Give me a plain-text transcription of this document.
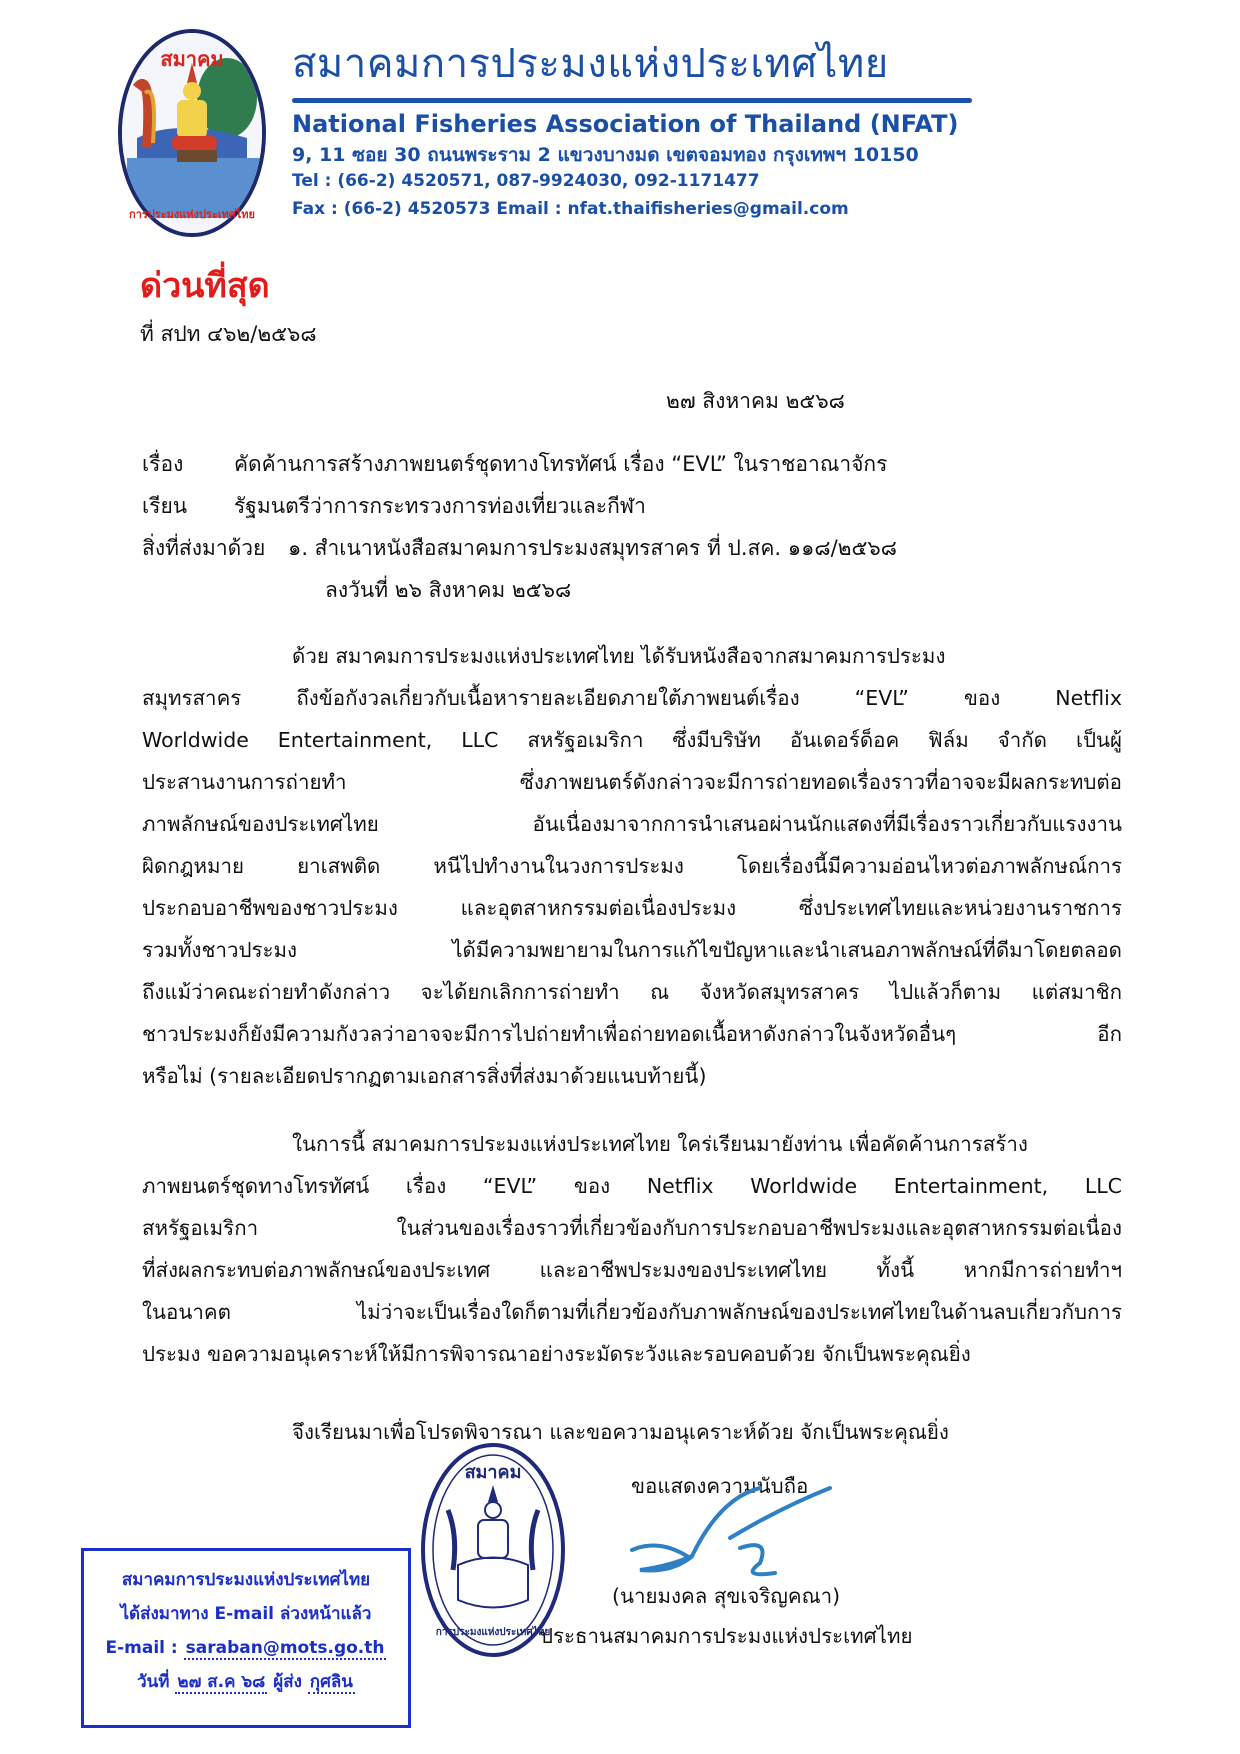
สมาคม
การประมงแห่งประเทศไทย
สมาคมการประมงแห่งประเทศไทย
National Fisheries Association of Thailand (NFAT)
9, 11 ซอย 30 ถนนพระราม 2 แขวงบางมด เขตจอมทอง กรุงเทพฯ 10150
Tel : (66-2) 4520571, 087-9924030, 092-1171477
Fax : (66-2) 4520573 Email : nfat.thaifisheries@gmail.com
ด่วนที่สุด
ที่ สปท ๔๖๒/๒๕๖๘
๒๗ สิงหาคม ๒๕๖๘
เรื่อง คัดค้านการสร้างภาพยนตร์ชุดทางโทรทัศน์ เรื่อง “EVL” ในราชอาณาจักร
เรียน รัฐมนตรีว่าการกระทรวงการท่องเที่ยวและกีฬา
สิ่งที่ส่งมาด้วย ๑. สำเนาหนังสือสมาคมการประมงสมุทรสาคร ที่ ป.สค. ๑๑๘/๒๕๖๘
ลงวันที่ ๒๖ สิงหาคม ๒๕๖๘
ด้วย สมาคมการประมงแห่งประเทศไทย ได้รับหนังสือจากสมาคมการประมง
สมุทรสาคร ถึงข้อกังวลเกี่ยวกับเนื้อหารายละเอียดภายใต้ภาพยนต์เรื่อง “EVL” ของ Netflix
Worldwide Entertainment, LLC สหรัฐอเมริกา ซึ่งมีบริษัท อันเดอร์ด็อค ฟิล์ม จำกัด เป็นผู้
ประสานงานการถ่ายทำ ซึ่งภาพยนตร์ดังกล่าวจะมีการถ่ายทอดเรื่องราวที่อาจจะมีผลกระทบต่อ
ภาพลักษณ์ของประเทศไทย อันเนื่องมาจากการนำเสนอผ่านนักแสดงที่มีเรื่องราวเกี่ยวกับแรงงาน
ผิดกฎหมาย ยาเสพติด หนีไปทำงานในวงการประมง โดยเรื่องนี้มีความอ่อนไหวต่อภาพลักษณ์การ
ประกอบอาชีพของชาวประมง และอุตสาหกรรมต่อเนื่องประมง ซึ่งประเทศไทยและหน่วยงานราชการ
รวมทั้งชาวประมง ได้มีความพยายามในการแก้ไขปัญหาและนำเสนอภาพลักษณ์ที่ดีมาโดยตลอด
ถึงแม้ว่าคณะถ่ายทำดังกล่าว จะได้ยกเลิกการถ่ายทำ ณ จังหวัดสมุทรสาคร ไปแล้วก็ตาม แต่สมาชิก
ชาวประมงก็ยังมีความกังวลว่าอาจจะมีการไปถ่ายทำเพื่อถ่ายทอดเนื้อหาดังกล่าวในจังหวัดอื่นๆ อีก
หรือไม่ (รายละเอียดปรากฏตามเอกสารสิ่งที่ส่งมาด้วยแนบท้ายนี้)
ในการนี้ สมาคมการประมงแห่งประเทศไทย ใคร่เรียนมายังท่าน เพื่อคัดค้านการสร้าง
ภาพยนตร์ชุดทางโทรทัศน์ เรื่อง “EVL” ของ Netflix Worldwide Entertainment, LLC
สหรัฐอเมริกา ในส่วนของเรื่องราวที่เกี่ยวข้องกับการประกอบอาชีพประมงและอุตสาหกรรมต่อเนื่อง
ที่ส่งผลกระทบต่อภาพลักษณ์ของประเทศ และอาชีพประมงของประเทศไทย ทั้งนี้ หากมีการถ่ายทำฯ
ในอนาคต ไม่ว่าจะเป็นเรื่องใดก็ตามที่เกี่ยวข้องกับภาพลักษณ์ของประเทศไทยในด้านลบเกี่ยวกับการ
ประมง ขอความอนุเคราะห์ให้มีการพิจารณาอย่างระมัดระวังและรอบคอบด้วย จักเป็นพระคุณยิ่ง
จึงเรียนมาเพื่อโปรดพิจารณา และขอความอนุเคราะห์ด้วย จักเป็นพระคุณยิ่ง
สมาคม
การประมงแห่งประเทศไทย
ขอแสดงความนับถือ
(นายมงคล สุขเจริญคณา)
ประธานสมาคมการประมงแห่งประเทศไทย
สมาคมการประมงแห่งประเทศไทย
ได้ส่งมาทาง E-mail ล่วงหน้าแล้ว
E-mail : saraban@mots.go.th
วันที่ ๒๗ ส.ค ๖๘ ผู้ส่ง กุศลิน
